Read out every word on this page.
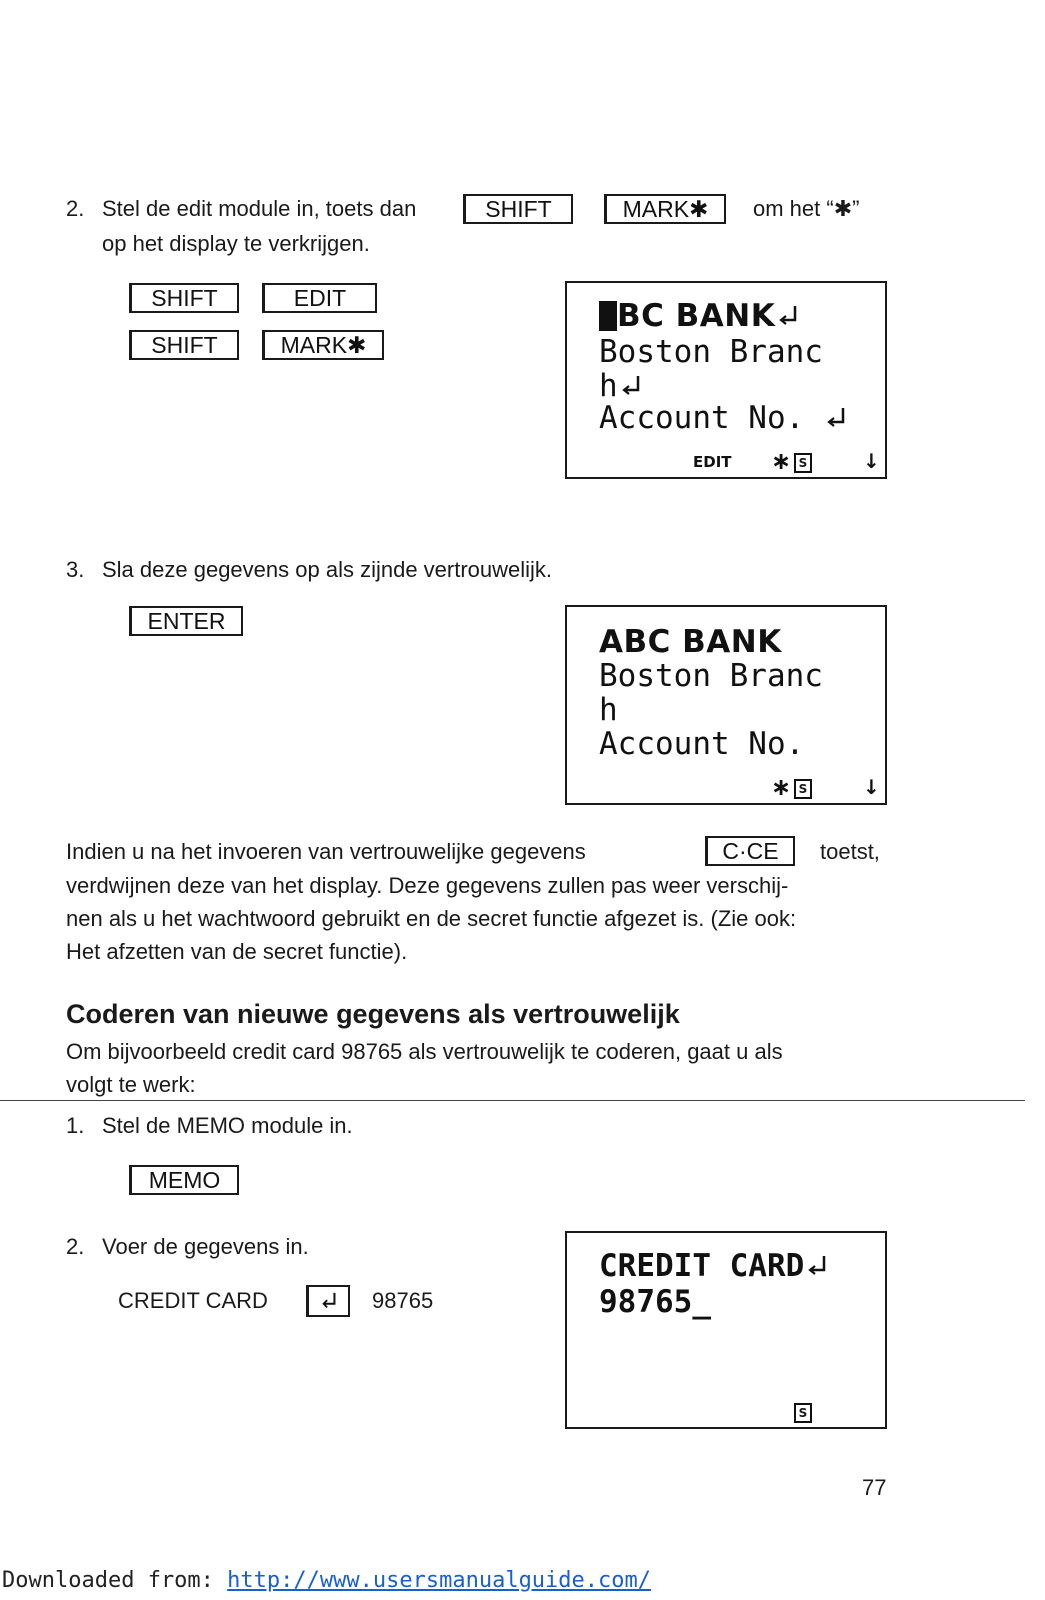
2. Stel de edit module in, toets dan	SHIFT	MARK✱	om het “✱”
op het display te verkrijgen.
SHIFT	EDIT
SHIFT	MARK✱
BC BANK
Boston Branc
h
Account No.
EDIT ∗ S	↓
3. Sla deze gegevens op als zijnde vertrouwelijk.
ENTER
ABC BANK
Boston Branc
h
Account No.
∗ S	↓
Indien u na het invoeren van vertrouwelijke gegevens	C·CE	toetst,
verdwijnen deze van het display. Deze gegevens zullen pas weer verschij-
nen als u het wachtwoord gebruikt en de secret functie afgezet is. (Zie ook:
Het afzetten van de secret functie).
Coderen van nieuwe gegevens als vertrouwelijk
Om bijvoorbeeld credit card 98765 als vertrouwelijk te coderen, gaat u als
volgt te werk:
1. Stel de MEMO module in.
MEMO
2. Voer de gegevens in.
CREDIT CARD	98765
CREDIT CARD
98765_
S
77
Downloaded from: http://www.usersmanualguide.com/
